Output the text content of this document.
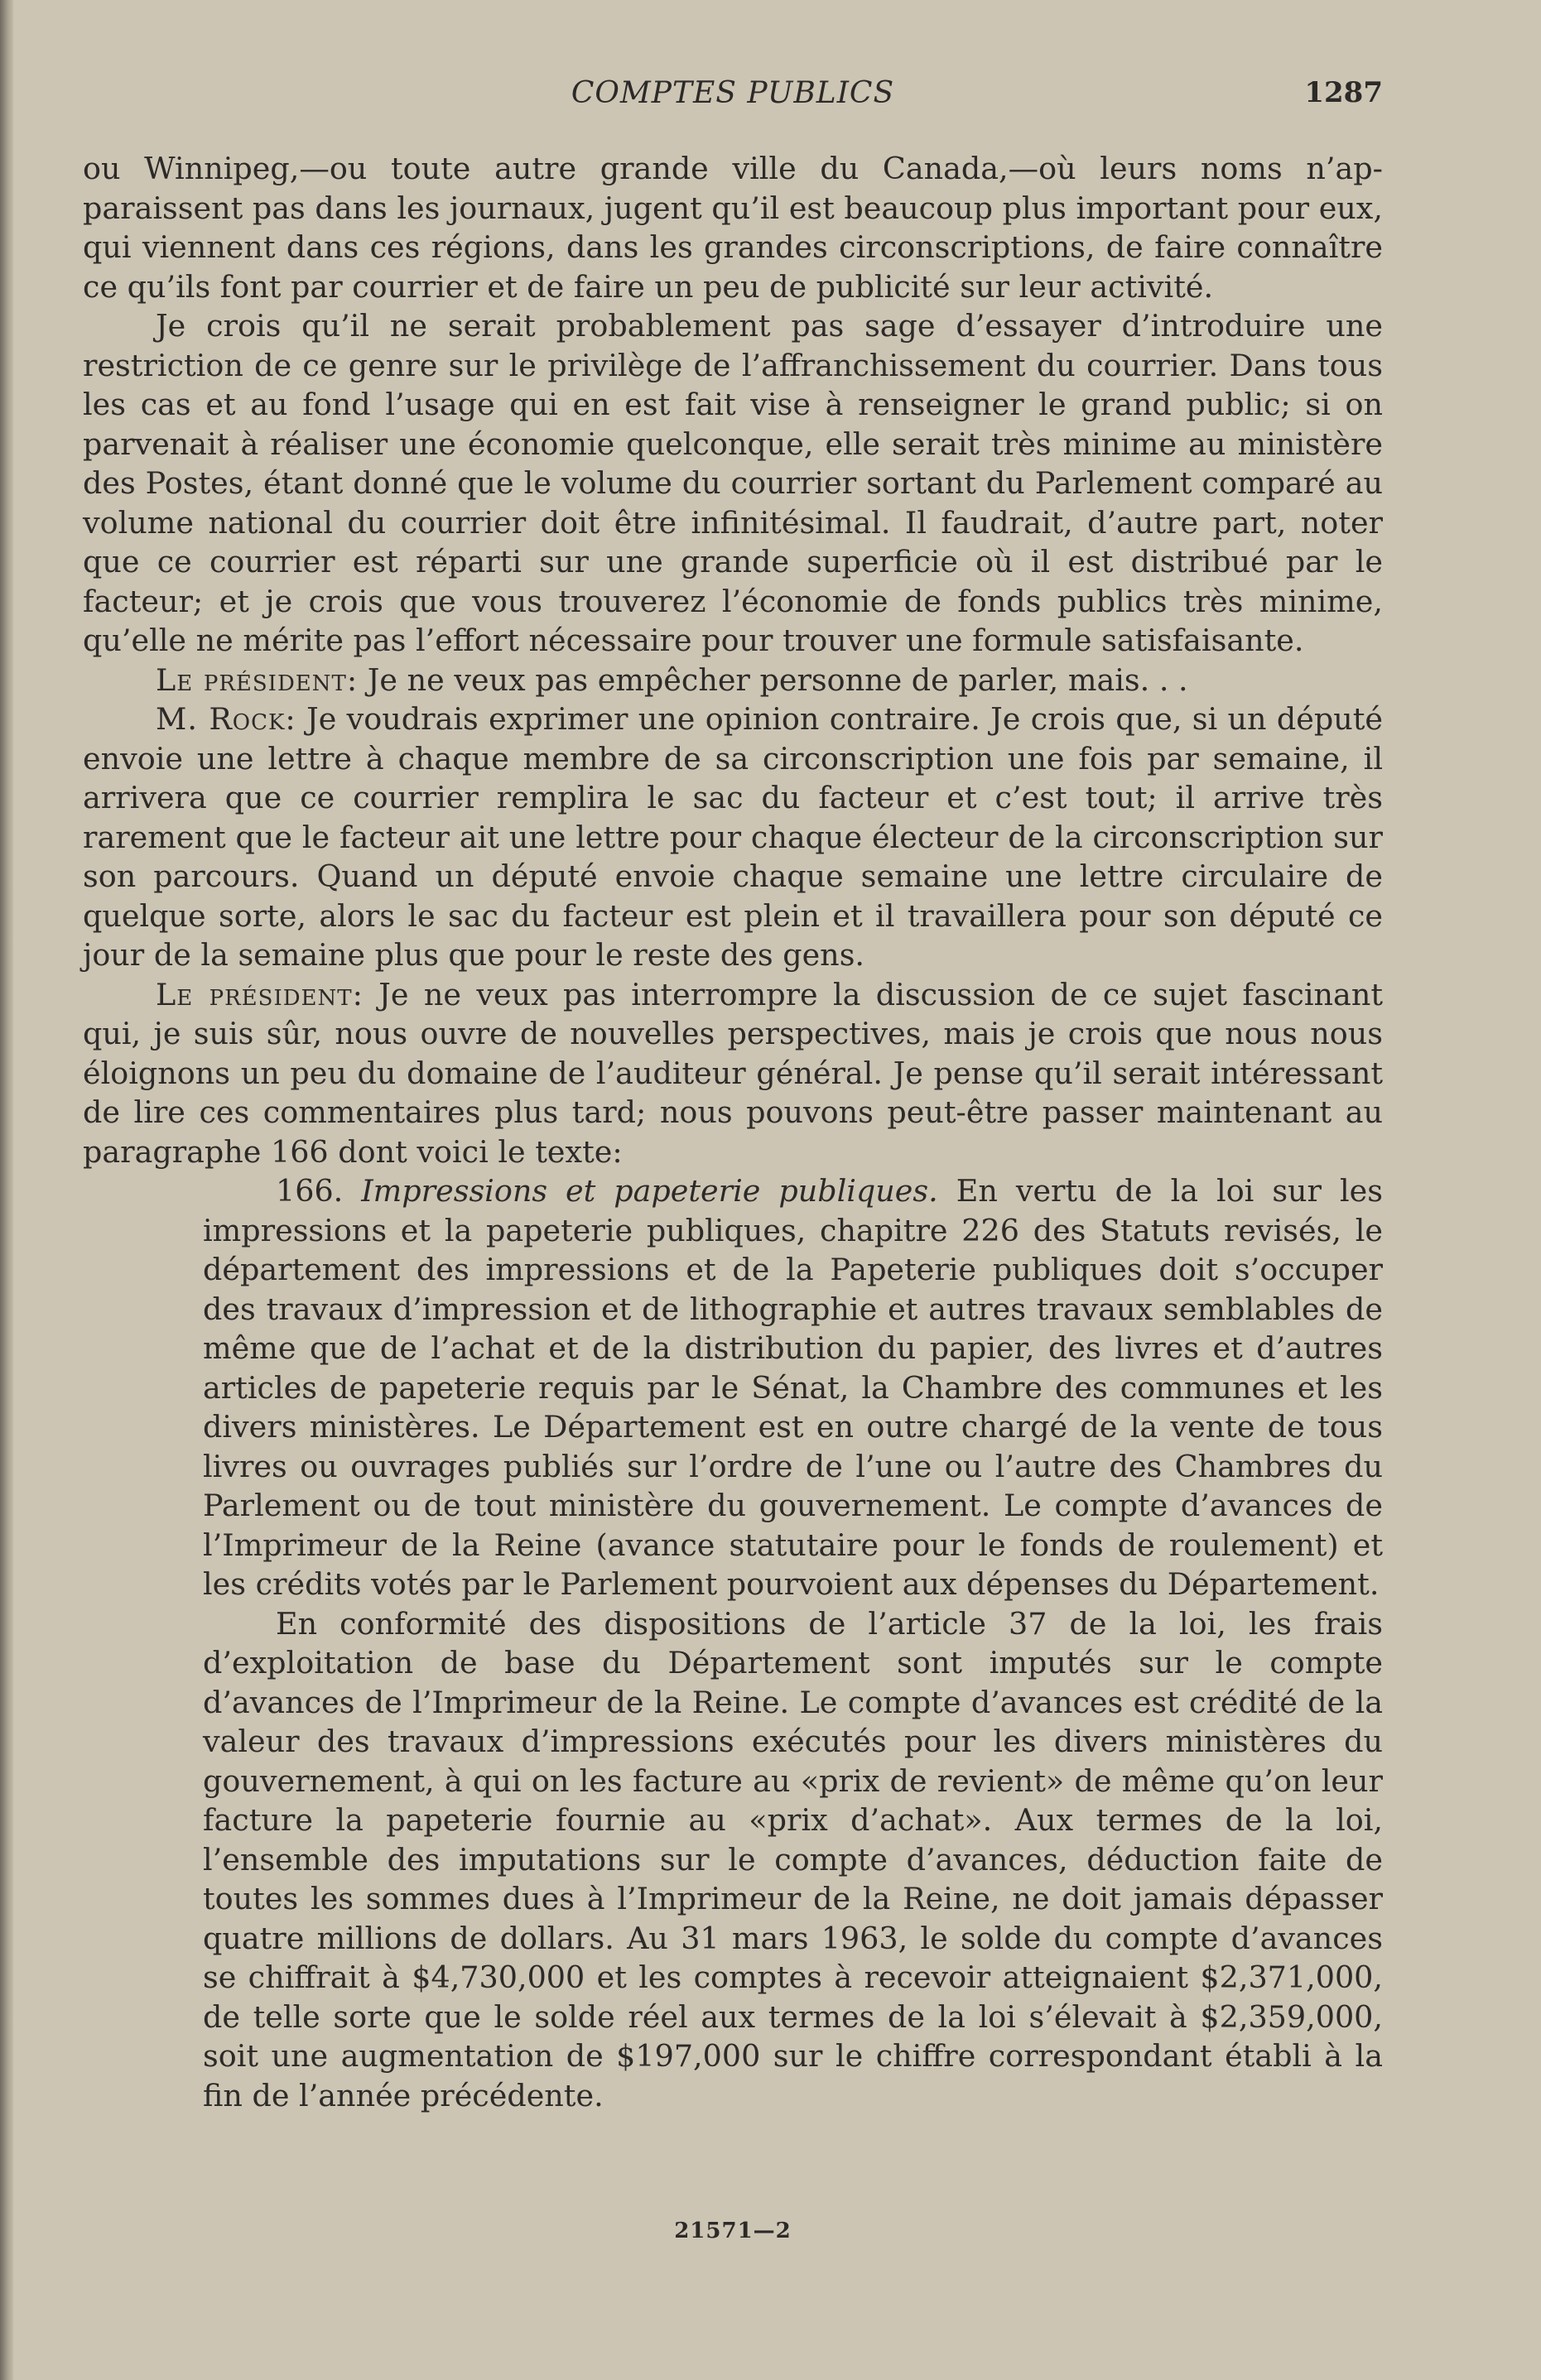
COMPTES PUBLICS	1287

ou Winnipeg,—ou toute autre grande ville du Canada,—où leurs noms n’apparaissent pas dans les journaux, jugent qu’il est beaucoup plus important pour eux, qui viennent dans ces régions, dans les grandes circonscriptions, de faire connaître ce qu’ils font par courrier et de faire un peu de publicité sur leur activité.

Je crois qu’il ne serait probablement pas sage d’essayer d’introduire une restriction de ce genre sur le privilège de l’affranchissement du courrier. Dans tous les cas et au fond l’usage qui en est fait vise à renseigner le grand public; si on parvenait à réaliser une économie quelconque, elle serait très minime au ministère des Postes, étant donné que le volume du courrier sortant du Parlement comparé au volume national du courrier doit être infinitésimal. Il faudrait, d’autre part, noter que ce courrier est réparti sur une grande superficie où il est distribué par le facteur; et je crois que vous trouverez l’économie de fonds publics très minime, qu’elle ne mérite pas l’effort nécessaire pour trouver une formule satisfaisante.

Le président: Je ne veux pas empêcher personne de parler, mais. . .

M. Rock: Je voudrais exprimer une opinion contraire. Je crois que, si un député envoie une lettre à chaque membre de sa circonscription une fois par semaine, il arrivera que ce courrier remplira le sac du facteur et c’est tout; il arrive très rarement que le facteur ait une lettre pour chaque électeur de la circonscription sur son parcours. Quand un député envoie chaque semaine une lettre circulaire de quelque sorte, alors le sac du facteur est plein et il travaillera pour son député ce jour de la semaine plus que pour le reste des gens.

Le président: Je ne veux pas interrompre la discussion de ce sujet fascinant qui, je suis sûr, nous ouvre de nouvelles perspectives, mais je crois que nous nous éloignons un peu du domaine de l’auditeur général. Je pense qu’il serait intéressant de lire ces commentaires plus tard; nous pouvons peut-être passer maintenant au paragraphe 166 dont voici le texte:

166. Impressions et papeterie publiques. En vertu de la loi sur les impressions et la papeterie publiques, chapitre 226 des Statuts revisés, le département des impressions et de la Papeterie publiques doit s’occuper des travaux d’impression et de lithographie et autres travaux semblables de même que de l’achat et de la distribution du papier, des livres et d’autres articles de papeterie requis par le Sénat, la Chambre des communes et les divers ministères. Le Département est en outre chargé de la vente de tous livres ou ouvrages publiés sur l’ordre de l’une ou l’autre des Chambres du Parlement ou de tout ministère du gouvernement. Le compte d’avances de l’Imprimeur de la Reine (avance statutaire pour le fonds de roulement) et les crédits votés par le Parlement pourvoient aux dépenses du Département.

En conformité des dispositions de l’article 37 de la loi, les frais d’exploitation de base du Département sont imputés sur le compte d’avances de l’Imprimeur de la Reine. Le compte d’avances est crédité de la valeur des travaux d’impressions exécutés pour les divers ministères du gouvernement, à qui on les facture au «prix de revient» de même qu’on leur facture la papeterie fournie au «prix d’achat». Aux termes de la loi, l’ensemble des imputations sur le compte d’avances, déduction faite de toutes les sommes dues à l’Imprimeur de la Reine, ne doit jamais dépasser quatre millions de dollars. Au 31 mars 1963, le solde du compte d’avances se chiffrait à $4,730,000 et les comptes à recevoir atteignaient $2,371,000, de telle sorte que le solde réel aux termes de la loi s’élevait à $2,359,000, soit une augmentation de $197,000 sur le chiffre correspondant établi à la fin de l’année précédente.

21571—2
